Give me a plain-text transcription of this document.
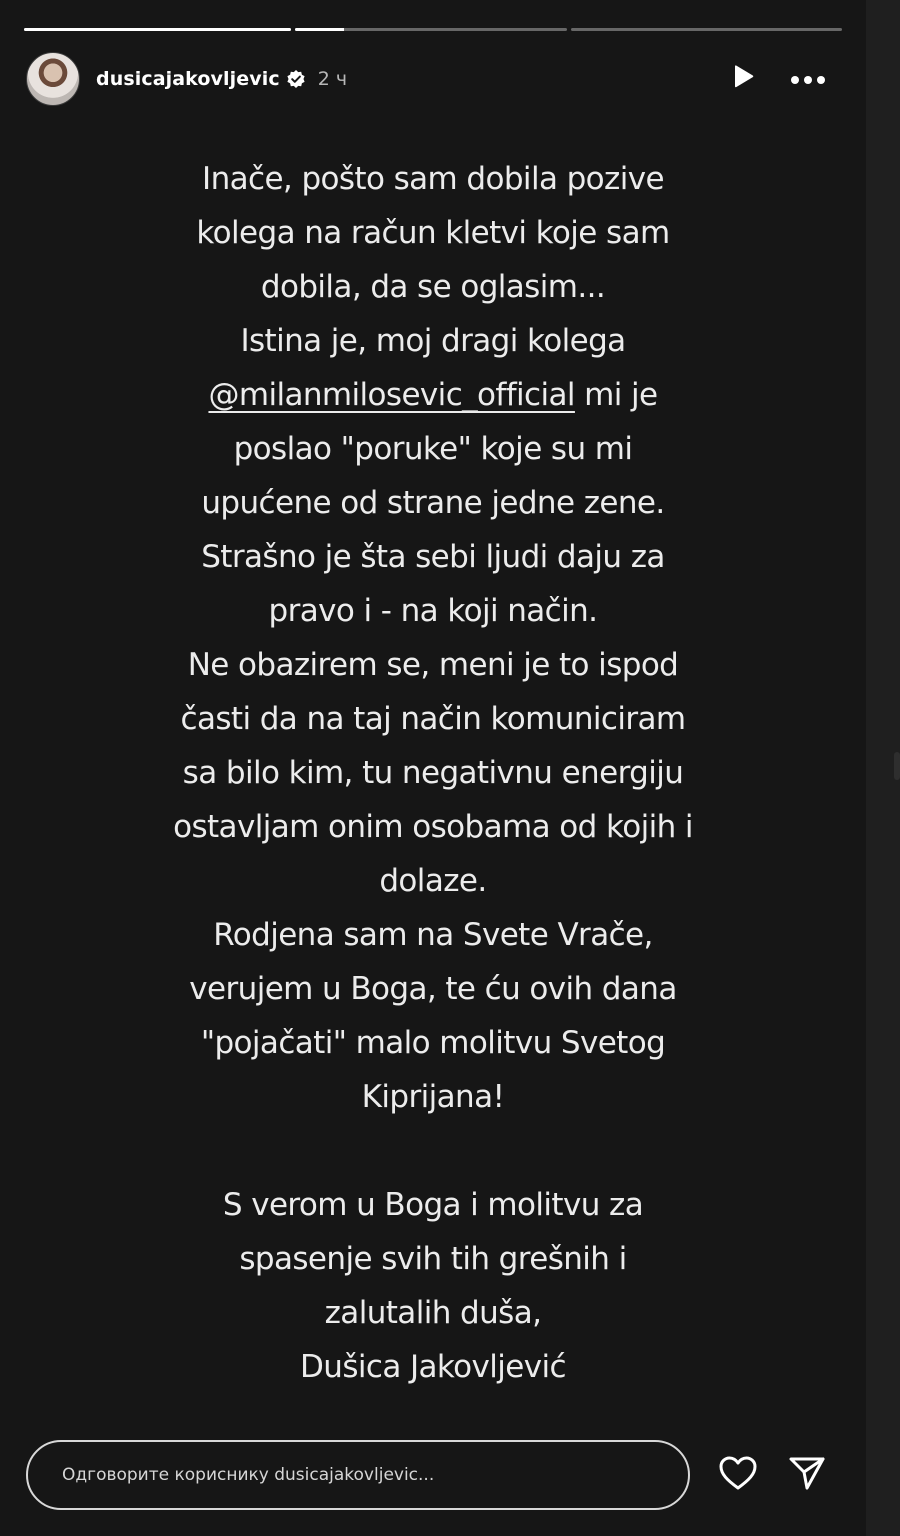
dusicajakovljevic 2 ч

Inače, pošto sam dobila pozive

kolega na račun kletvi koje sam

dobila, da se oglasim...

Istina je, moj dragi kolega

@milanmilosevic_official mi je

poslao "poruke" koje su mi

upućene od strane jedne zene.

Strašno je šta sebi ljudi daju za

pravo i - na koji način.

Ne obazirem se, meni je to ispod

časti da na taj način komuniciram

sa bilo kim, tu negativnu energiju

ostavljam onim osobama od kojih i

dolaze.

Rodjena sam na Svete Vrače,

verujem u Boga, te ću ovih dana

"pojačati" malo molitvu Svetog

Kiprijana!

S verom u Boga i molitvu za

spasenje svih tih grešnih i

zalutalih duša,

Dušica Jakovljević

Одговорите кориснику dusicajakovljevic...
